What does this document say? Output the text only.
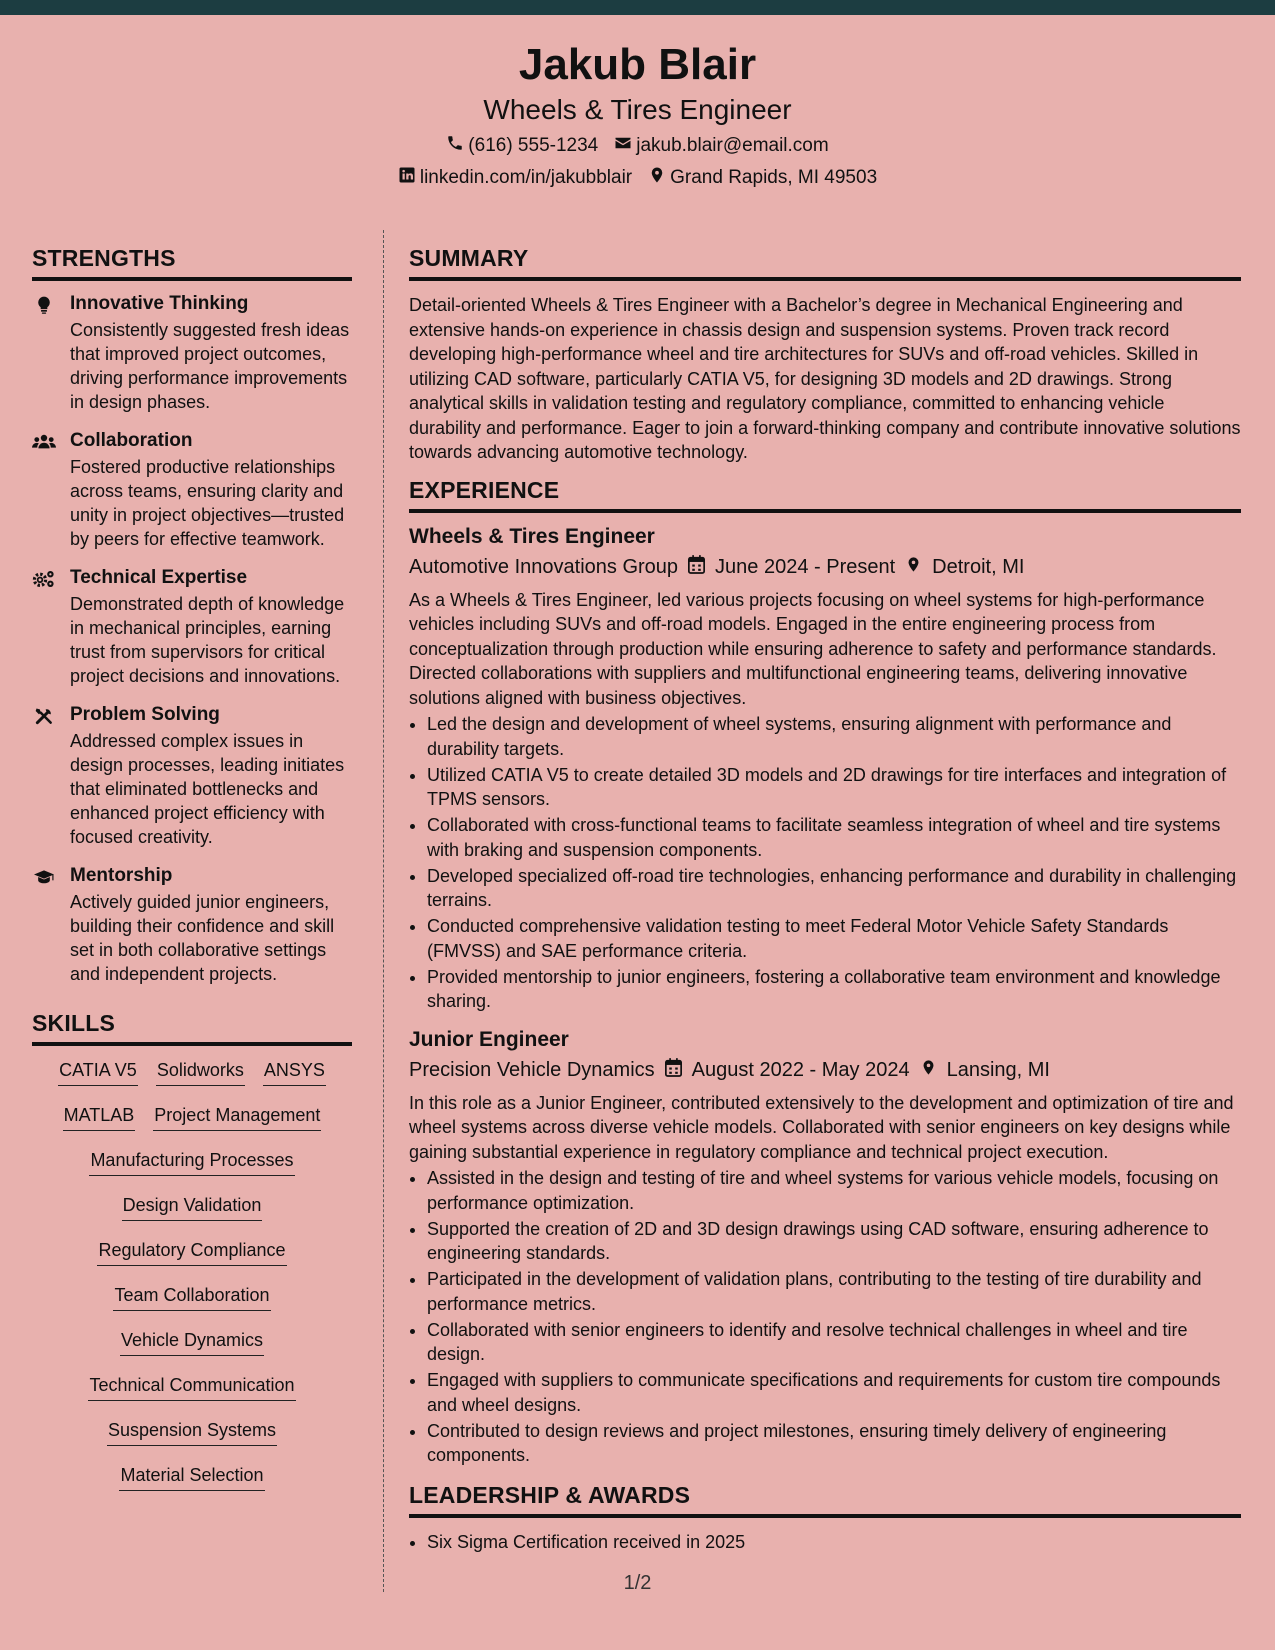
Jakub Blair
Wheels & Tires Engineer
(616) 555-1234 jakub.blair@email.com
linkedin.com/in/jakubblair Grand Rapids, MI 49503
STRENGTHS
Innovative Thinking

Consistently suggested fresh ideas that improved project outcomes, driving performance improvements in design phases.

Collaboration

Fostered productive relationships across teams, ensuring clarity and unity in project objectives—trusted by peers for effective teamwork.

Technical Expertise

Demonstrated depth of knowledge in mechanical principles, earning trust from supervisors for critical project decisions and innovations.

Problem Solving

Addressed complex issues in design processes, leading initiates that eliminated bottlenecks and enhanced project efficiency with focused creativity.

Mentorship

Actively guided junior engineers, building their confidence and skill set in both collaborative settings and independent projects.

SKILLS
CATIA V5 Solidworks ANSYS
MATLAB Project Management
Manufacturing Processes
Design Validation
Regulatory Compliance
Team Collaboration
Vehicle Dynamics
Technical Communication
Suspension Systems
Material Selection
SUMMARY

Detail-oriented Wheels & Tires Engineer with a Bachelor’s degree in Mechanical Engineering and extensive hands-on experience in chassis design and suspension systems. Proven track record developing high-performance wheel and tire architectures for SUVs and off-road vehicles. Skilled in utilizing CAD software, particularly CATIA V5, for designing 3D models and 2D drawings. Strong analytical skills in validation testing and regulatory compliance, committed to enhancing vehicle durability and performance. Eager to join a forward-thinking company and contribute innovative solutions towards advancing automotive technology.

EXPERIENCE
Wheels & Tires Engineer
Automotive Innovations Group June 2024 - Present Detroit, MI

As a Wheels & Tires Engineer, led various projects focusing on wheel systems for high-performance vehicles including SUVs and off-road models. Engaged in the entire engineering process from conceptualization through production while ensuring adherence to safety and performance standards. Directed collaborations with suppliers and multifunctional engineering teams, delivering innovative solutions aligned with business objectives.

• Led the design and development of wheel systems, ensuring alignment with performance and durability targets.
• Utilized CATIA V5 to create detailed 3D models and 2D drawings for tire interfaces and integration of TPMS sensors.
• Collaborated with cross-functional teams to facilitate seamless integration of wheel and tire systems with braking and suspension components.
• Developed specialized off-road tire technologies, enhancing performance and durability in challenging terrains.
• Conducted comprehensive validation testing to meet Federal Motor Vehicle Safety Standards (FMVSS) and SAE performance criteria.
• Provided mentorship to junior engineers, fostering a collaborative team environment and knowledge sharing.
Junior Engineer
Precision Vehicle Dynamics August 2022 - May 2024 Lansing, MI

In this role as a Junior Engineer, contributed extensively to the development and optimization of tire and wheel systems across diverse vehicle models. Collaborated with senior engineers on key designs while gaining substantial experience in regulatory compliance and technical project execution.

• Assisted in the design and testing of tire and wheel systems for various vehicle models, focusing on performance optimization.
• Supported the creation of 2D and 3D design drawings using CAD software, ensuring adherence to engineering standards.
• Participated in the development of validation plans, contributing to the testing of tire durability and performance metrics.
• Collaborated with senior engineers to identify and resolve technical challenges in wheel and tire design.
• Engaged with suppliers to communicate specifications and requirements for custom tire compounds and wheel designs.
• Contributed to design reviews and project milestones, ensuring timely delivery of engineering components.
LEADERSHIP & AWARDS
• Six Sigma Certification received in 2025
1/2
